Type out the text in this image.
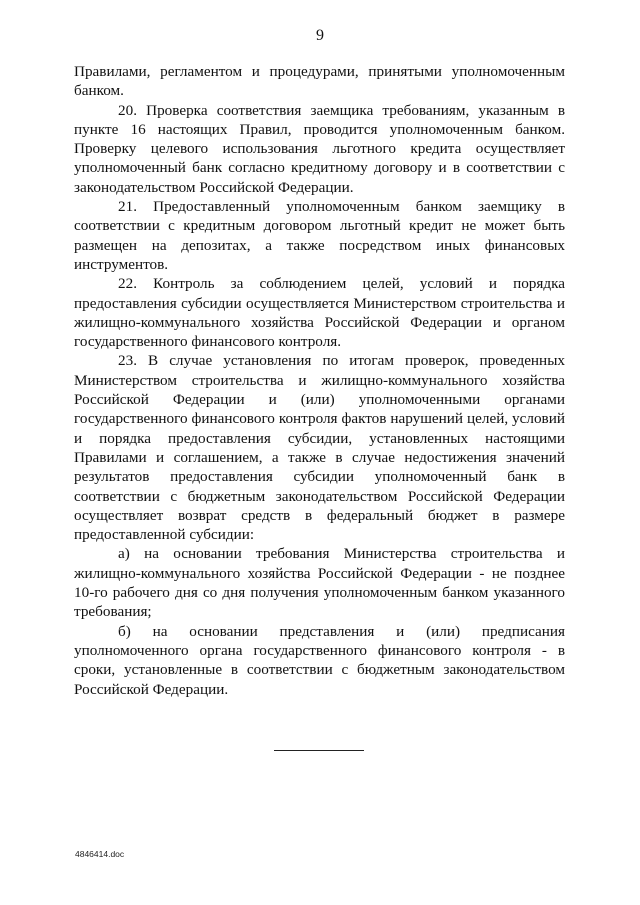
9

Правилами, регламентом и процедурами, принятыми уполномоченным банком.

20. Проверка соответствия заемщика требованиям, указанным в пункте 16 настоящих Правил, проводится уполномоченным банком. Проверку целевого использования льготного кредита осуществляет уполномоченный банк согласно кредитному договору и в соответствии с законодательством Российской Федерации.

21. Предоставленный уполномоченным банком заемщику в соответствии с кредитным договором льготный кредит не может быть размещен на депозитах, а также посредством иных финансовых инструментов.

22. Контроль за соблюдением целей, условий и порядка предоставления субсидии осуществляется Министерством строительства и жилищно-коммунального хозяйства Российской Федерации и органом государственного финансового контроля.

23. В случае установления по итогам проверок, проведенных Министерством строительства и жилищно-коммунального хозяйства Российской Федерации и (или) уполномоченными органами государственного финансового контроля фактов нарушений целей, условий и порядка предоставления субсидии, установленных настоящими Правилами и соглашением, а также в случае недостижения значений результатов предоставления субсидии уполномоченный банк в соответствии с бюджетным законодательством Российской Федерации осуществляет возврат средств в федеральный бюджет в размере предоставленной субсидии:

а) на основании требования Министерства строительства и жилищно-коммунального хозяйства Российской Федерации - не позднее 10-го рабочего дня со дня получения уполномоченным банком указанного требования;

б) на основании представления и (или) предписания уполномоченного органа государственного финансового контроля - в сроки, установленные в соответствии с бюджетным законодательством Российской Федерации.

4846414.doc
